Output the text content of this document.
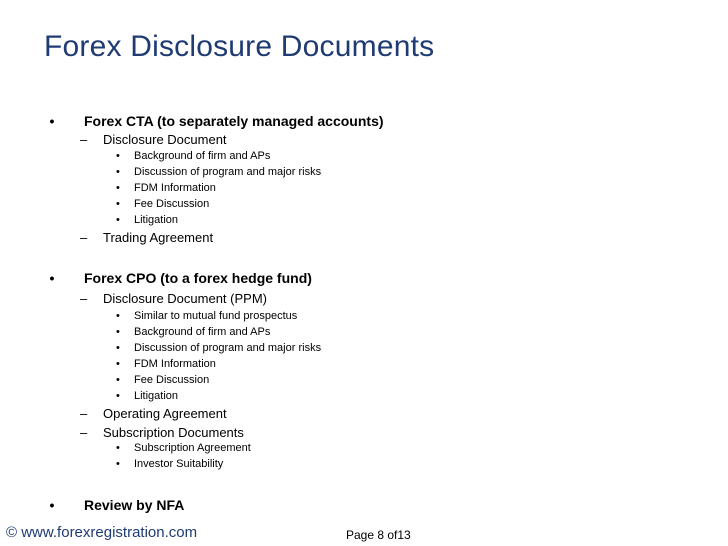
Forex Disclosure Documents
•	Forex CTA (to separately managed accounts)
– Disclosure Document
• Background of firm and APs
• Discussion of program and major risks
• FDM Information
• Fee Discussion
• Litigation
– Trading Agreement
•	Forex CPO (to a forex hedge fund)
– Disclosure Document (PPM)
• Similar to mutual fund prospectus
• Background of firm and APs
• Discussion of program and major risks
• FDM Information
• Fee Discussion
• Litigation
– Operating Agreement
– Subscription Documents
• Subscription Agreement
• Investor Suitability
•	Review by NFA
© www.forexregistration.com	Page 8 of13
